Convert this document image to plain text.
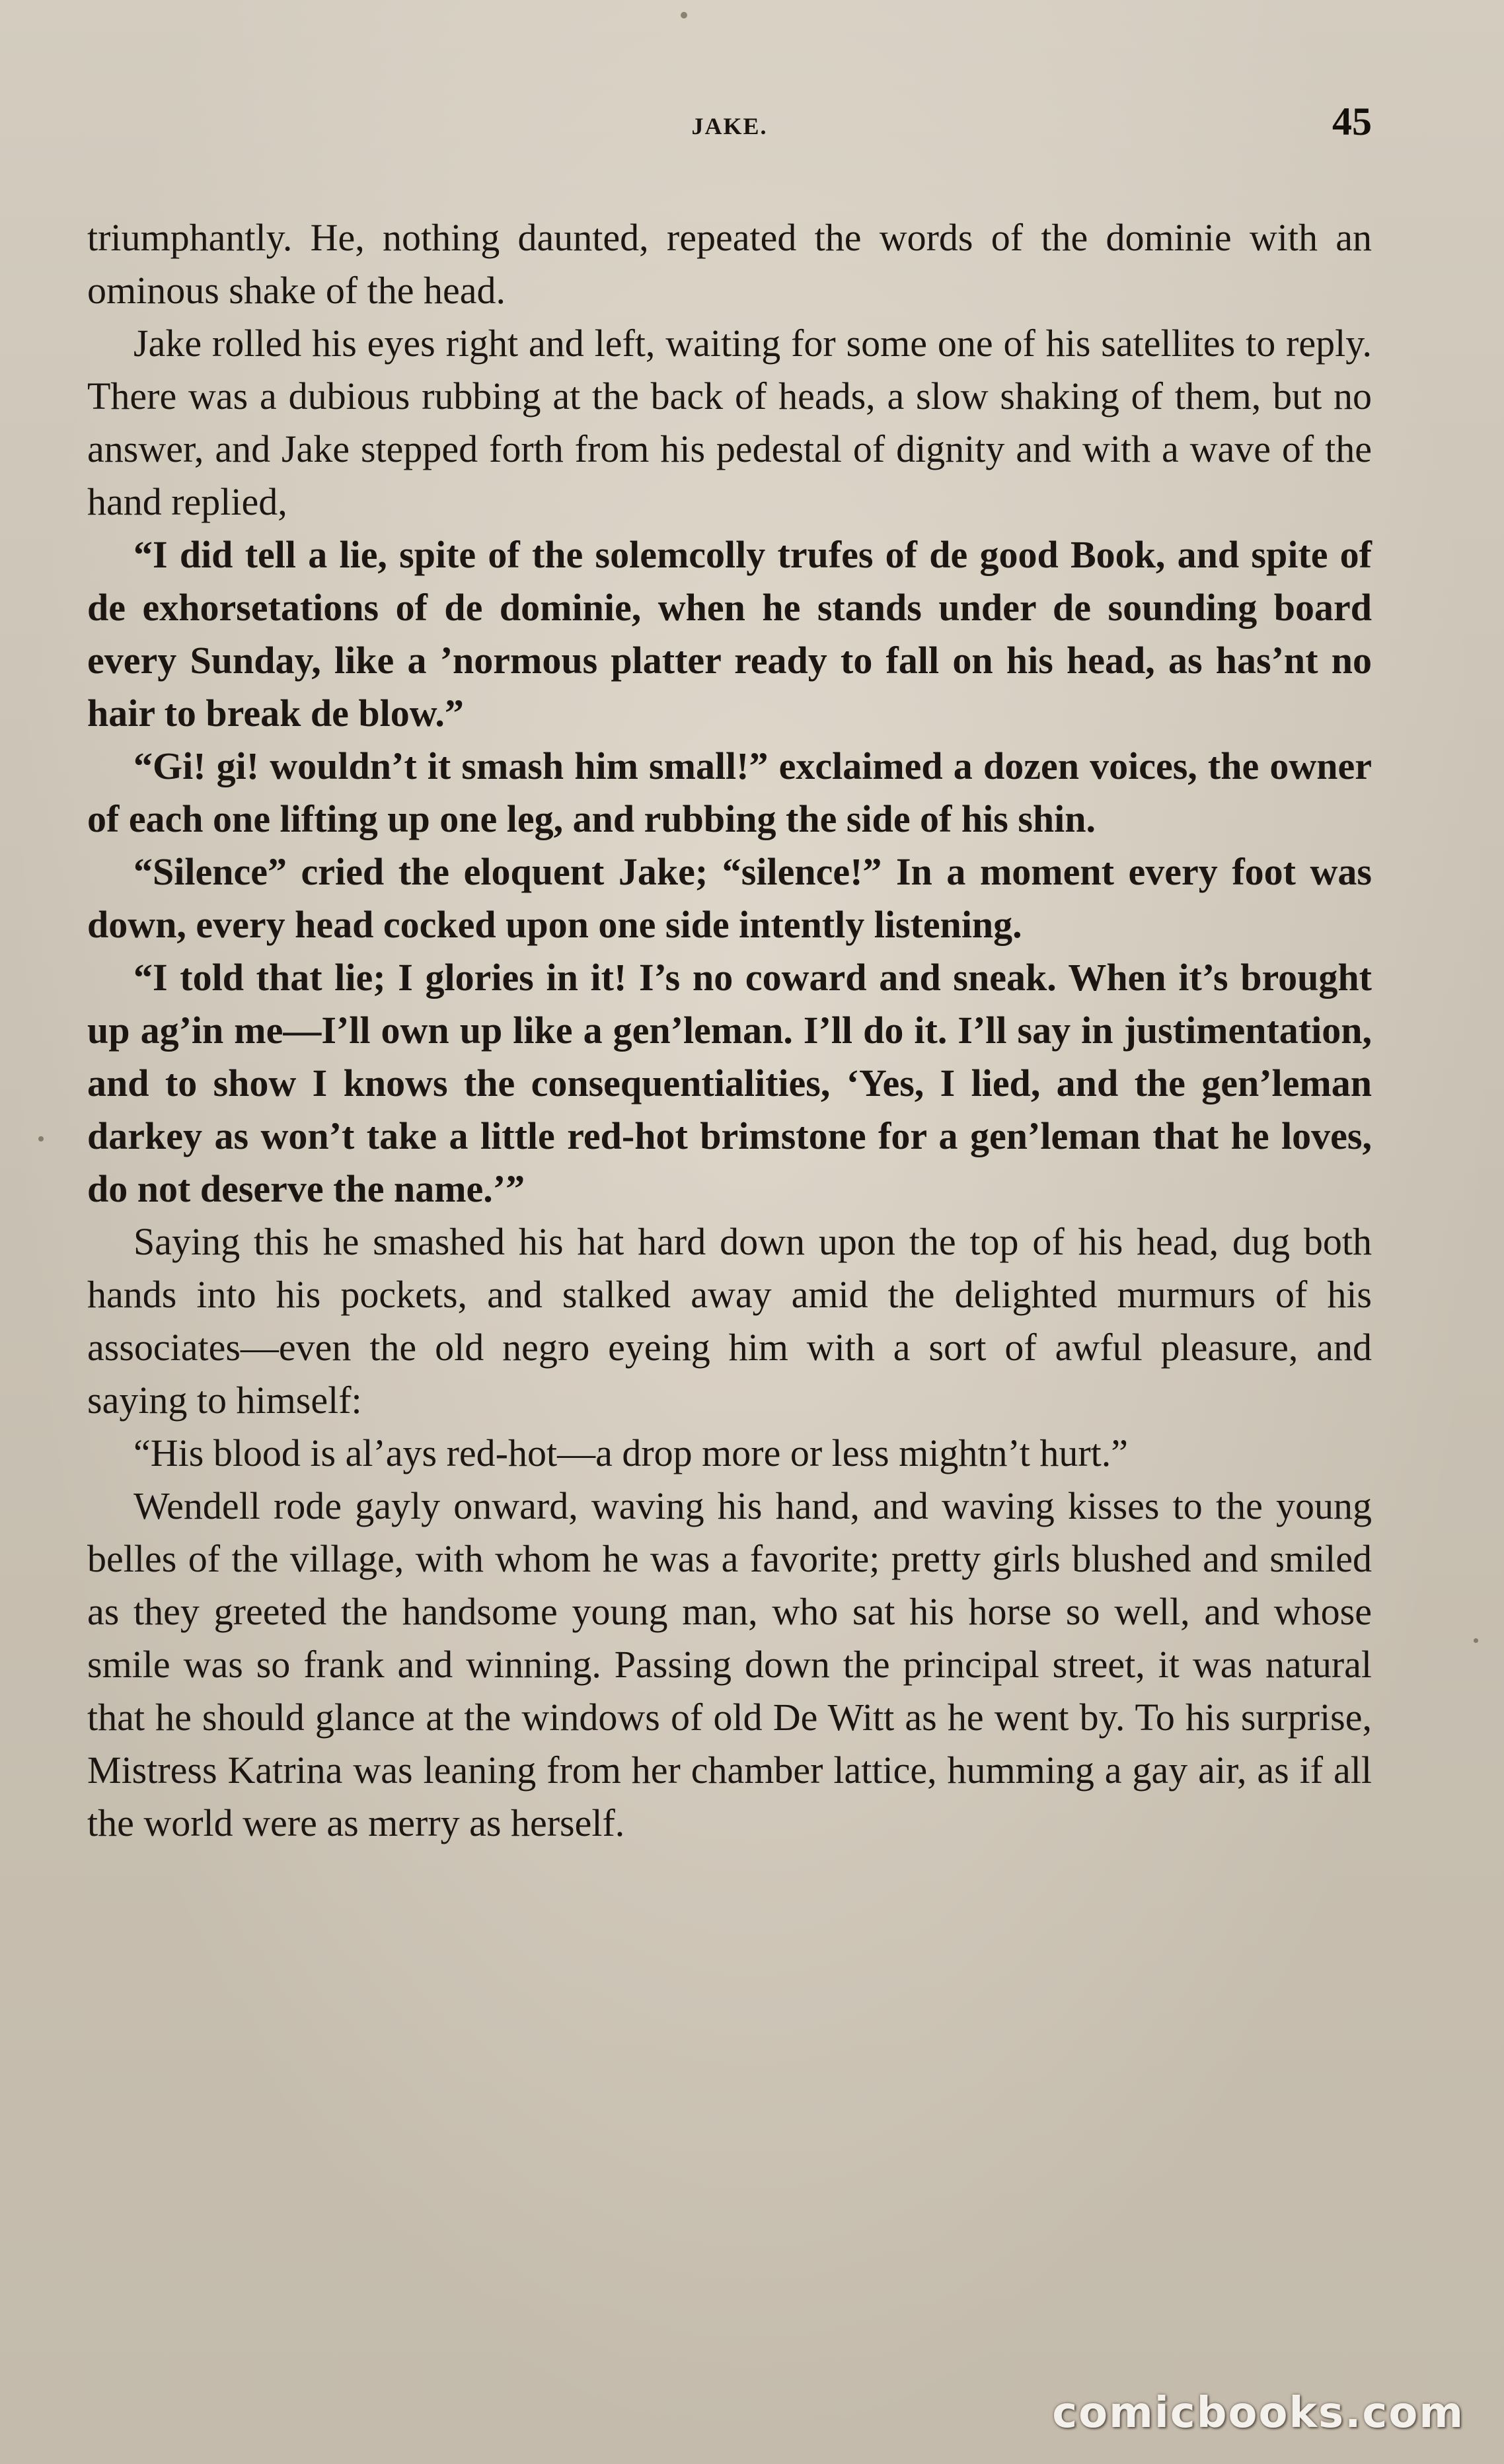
JAKE.	45

triumphantly. He, nothing daunted, repeated the words of the dominie with an ominous shake of the head.

Jake rolled his eyes right and left, waiting for some one of his satellites to reply. There was a dubious rubbing at the back of heads, a slow shaking of them, but no answer, and Jake stepped forth from his pedestal of dignity and with a wave of the hand replied,

“I did tell a lie, spite of the solemcolly trufes of de good Book, and spite of de exhorsetations of de dominie, when he stands under de sounding board every Sunday, like a ’normous platter ready to fall on his head, as has’nt no hair to break de blow.”

“Gi! gi! wouldn’t it smash him small!” exclaimed a dozen voices, the owner of each one lifting up one leg, and rubbing the side of his shin.

“Silence” cried the eloquent Jake; “silence!” In a moment every foot was down, every head cocked upon one side intently listening.

“I told that lie; I glories in it! I’s no coward and sneak. When it’s brought up ag’in me—I’ll own up like a gen’leman. I’ll do it. I’ll say in justimentation, and to show I knows the consequentialities, ‘Yes, I lied, and the gen’leman darkey as won’t take a little red-hot brimstone for a gen’leman that he loves, do not deserve the name.’”

Saying this he smashed his hat hard down upon the top of his head, dug both hands into his pockets, and stalked away amid the delighted murmurs of his associates—even the old negro eyeing him with a sort of awful pleasure, and saying to himself:

“His blood is al’ays red-hot—a drop more or less mightn’t hurt.”

Wendell rode gayly onward, waving his hand, and waving kisses to the young belles of the village, with whom he was a favorite; pretty girls blushed and smiled as they greeted the handsome young man, who sat his horse so well, and whose smile was so frank and winning. Passing down the principal street, it was natural that he should glance at the windows of old De Witt as he went by. To his surprise, Mistress Katrina was leaning from her chamber lattice, humming a gay air, as if all the world were as merry as herself.

comicbooks.com
